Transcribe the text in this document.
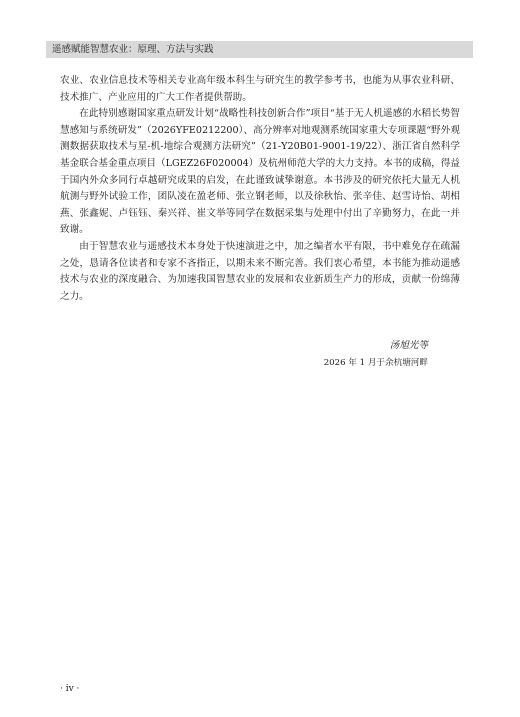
遥感赋能智慧农业：原理、方法与实践

农业、农业信息技术等相关专业高年级本科生与研究生的教学参考书，也能为从事农业科研、技术推广、产业应用的广大工作者提供帮助。

在此特别感谢国家重点研发计划“战略性科技创新合作”项目“基于无人机遥感的水稻长势智慧感知与系统研发”（2026YFE0212200）、高分辨率对地观测系统国家重大专项课题“野外观测数据获取技术与星-机-地综合观测方法研究”（21-Y20B01-9001-19/22）、浙江省自然科学基金联合基金重点项目（LGEZ26F020004）及杭州师范大学的大力支持。本书的成稿，得益于国内外众多同行卓越研究成果的启发，在此谨致诚挚谢意。本书涉及的研究依托大量无人机航测与野外试验工作，团队凌在盈老师、张立钢老师，以及徐秋怡、张辛佳、赵雪诗怡、胡相燕、张鑫妮、卢钰钰、秦兴祥、崔文举等同学在数据采集与处理中付出了辛勤努力，在此一并致谢。

由于智慧农业与遥感技术本身处于快速演进之中，加之编者水平有限，书中难免存在疏漏之处，恳请各位读者和专家不吝指正，以期未来不断完善。我们衷心希望，本书能为推动遥感技术与农业的深度融合、为加速我国智慧农业的发展和农业新质生产力的形成，贡献一份绵薄之力。

汤旭光等
2026 年 1 月于余杭塘河畔
· iv ·
